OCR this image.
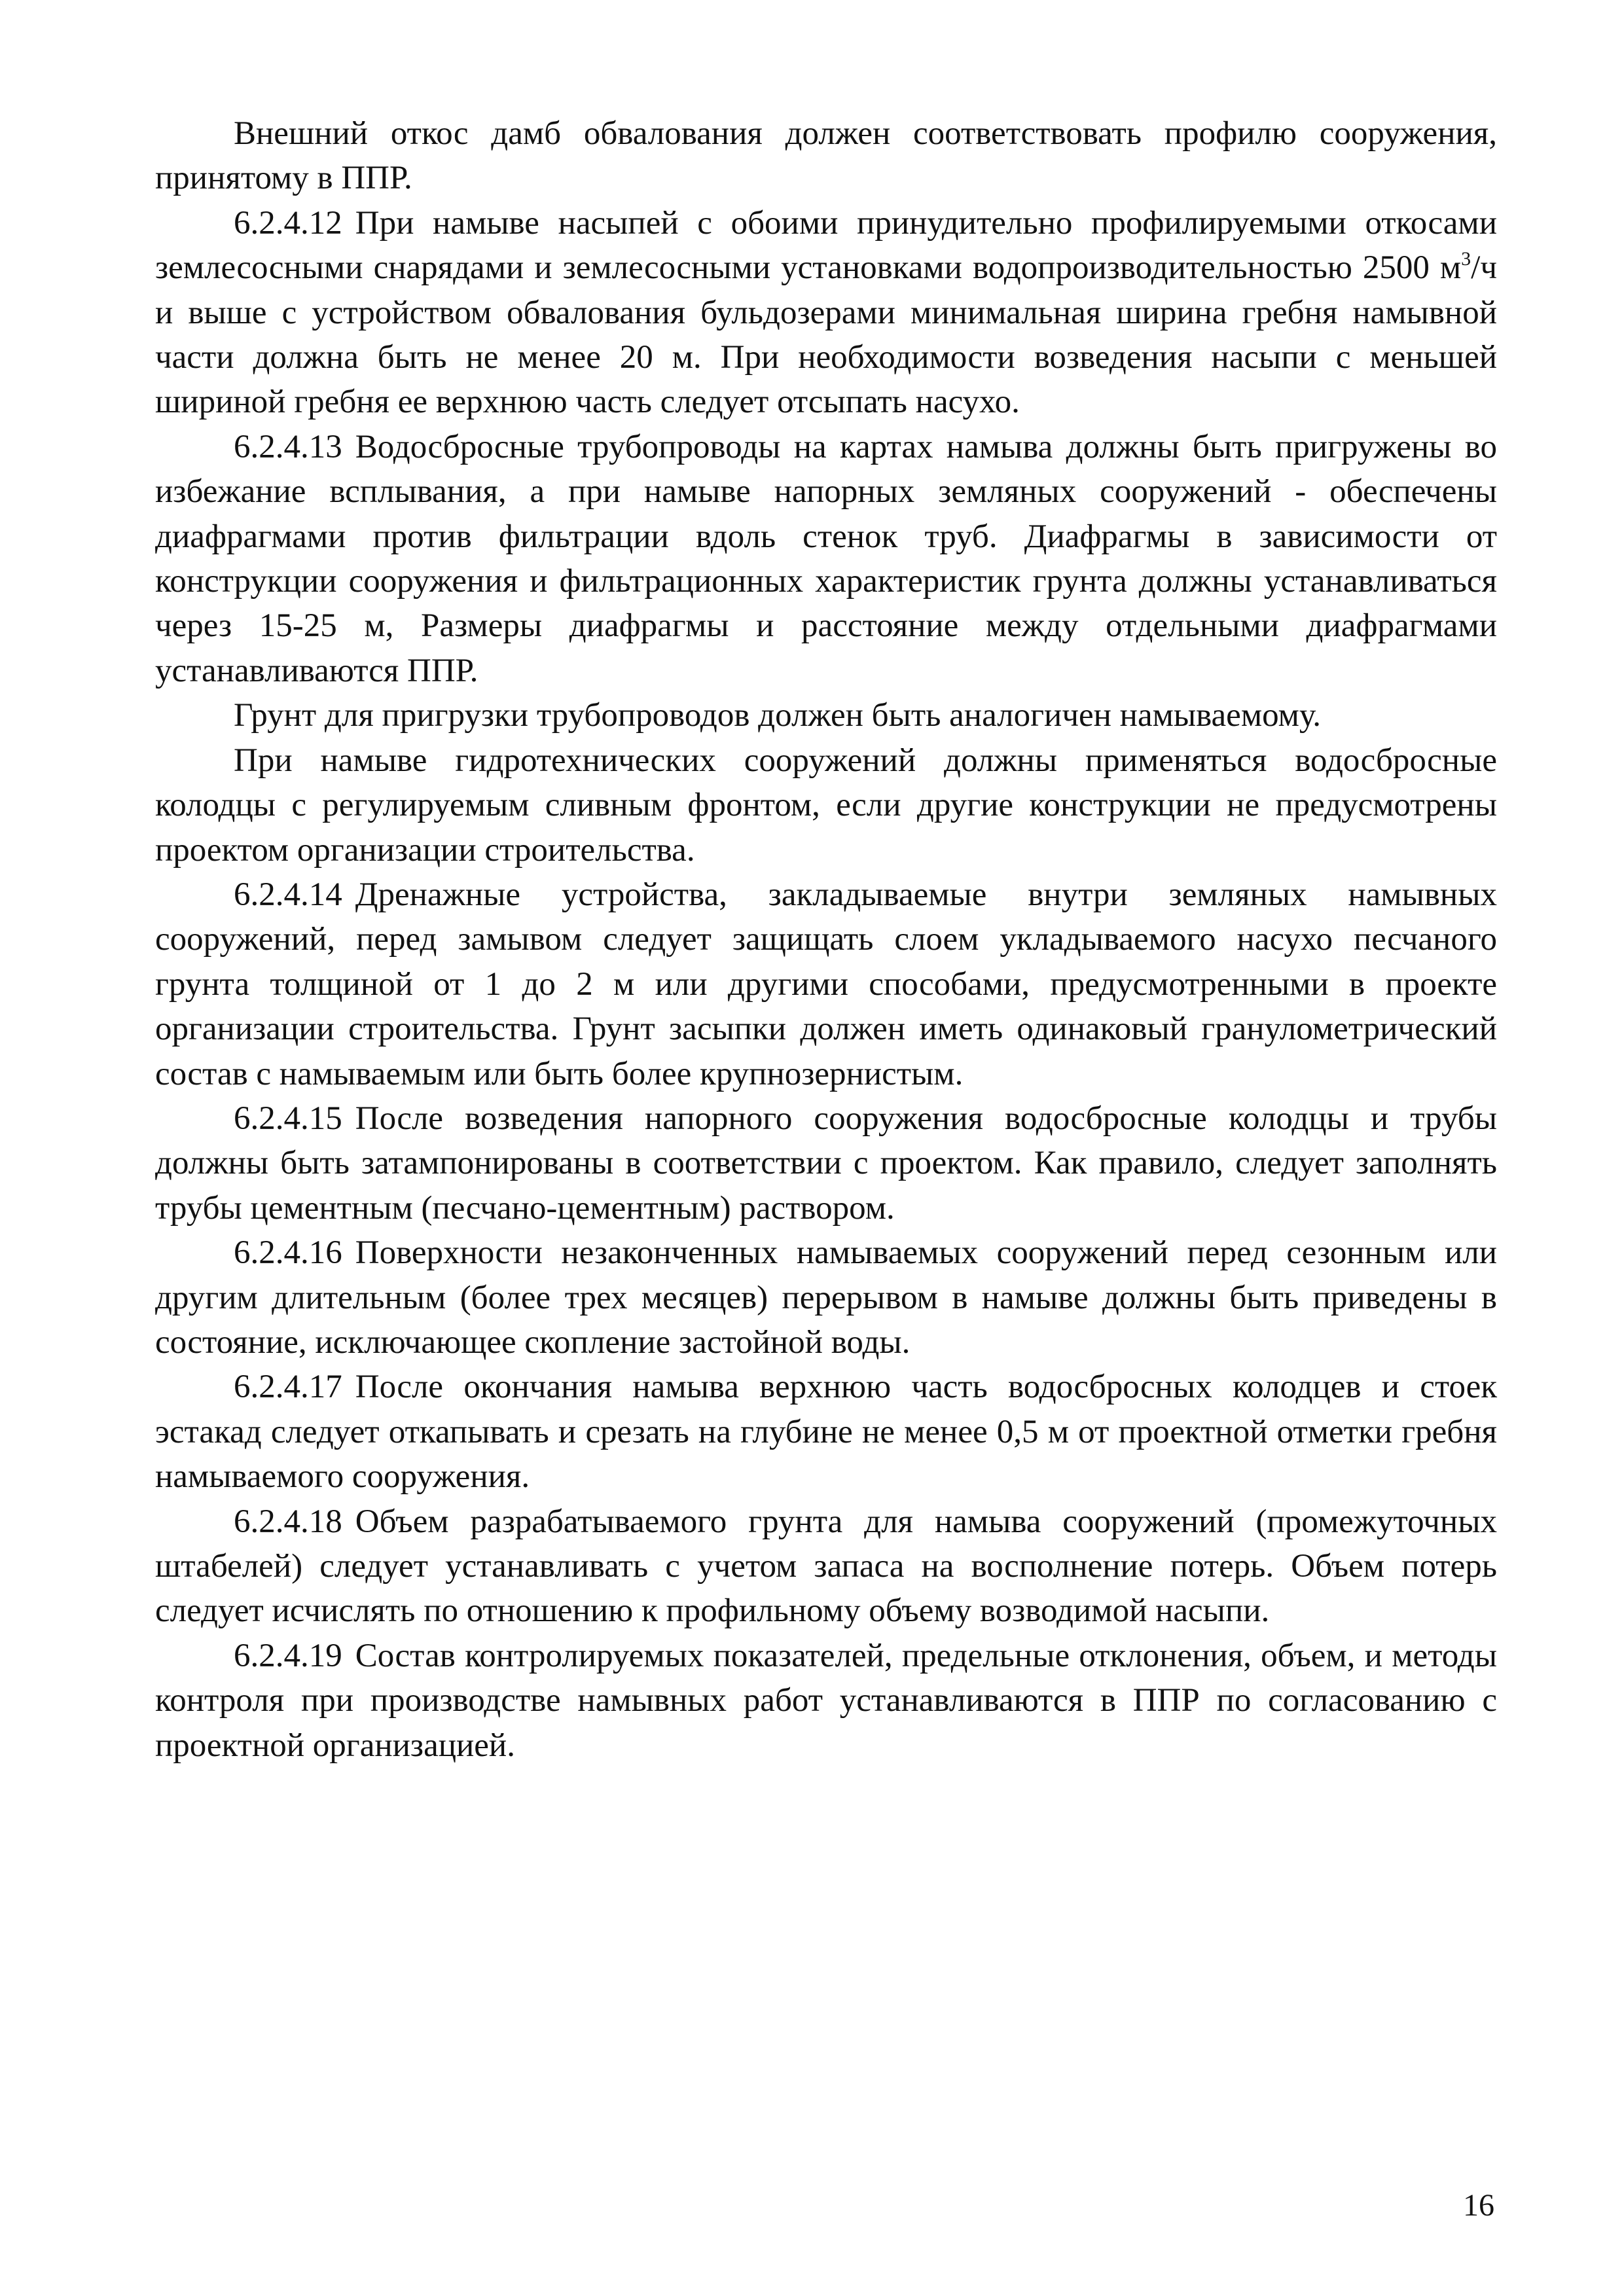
Внешний откос дамб обвалования должен соответствовать профилю сооружения, принятому в ППР.

6.2.4.12 При намыве насыпей с обоими принудительно профилируемыми откосами землесосными снарядами и землесосными установками водопроизводительностью 2500 $м^3/ч$ и выше с устройством обвалования бульдозерами минимальная ширина гребня намывной части должна быть не менее 20 м. При необходимости возведения насыпи с меньшей шириной гребня ее верхнюю часть следует отсыпать насухо.

6.2.4.13 Водосбросные трубопроводы на картах намыва должны быть пригружены во избежание всплывания, а при намыве напорных земляных сооружений - обеспечены диафрагмами против фильтрации вдоль стенок труб. Диафрагмы в зависимости от конструкции сооружения и фильтрационных характеристик грунта должны устанавливаться через 15-25 м, Размеры диафрагмы и расстояние между отдельными диафрагмами устанавливаются ППР.

Грунт для пригрузки трубопроводов должен быть аналогичен намываемому.

При намыве гидротехнических сооружений должны применяться водосбросные колодцы с регулируемым сливным фронтом, если другие конструкции не предусмотрены проектом организации строительства.

6.2.4.14 Дренажные устройства, закладываемые внутри земляных намывных сооружений, перед замывом следует защищать слоем укладываемого насухо песчаного грунта толщиной от 1 до 2 м или другими способами, предусмотренными в проекте организации строительства. Грунт засыпки должен иметь одинаковый гранулометрический состав с намываемым или быть более крупнозернистым.

6.2.4.15 После возведения напорного сооружения водосбросные колодцы и трубы должны быть затампонированы в соответствии с проектом. Как правило, следует заполнять трубы цементным (песчано-цементным) раствором.

6.2.4.16 Поверхности незаконченных намываемых сооружений перед сезонным или другим длительным (более трех месяцев) перерывом в намыве должны быть приведены в состояние, исключающее скопление застойной воды.

6.2.4.17 После окончания намыва верхнюю часть водосбросных колодцев и стоек эстакад следует откапывать и срезать на глубине не менее 0,5 м от проектной отметки гребня намываемого сооружения.

6.2.4.18 Объем разрабатываемого грунта для намыва сооружений (промежуточных штабелей) следует устанавливать с учетом запаса на восполнение потерь. Объем потерь следует исчислять по отношению к профильному объему возводимой насыпи.

6.2.4.19 Состав контролируемых показателей, предельные отклонения, объем, и методы контроля при производстве намывных работ устанавливаются в ППР по согласованию с проектной организацией.

16
